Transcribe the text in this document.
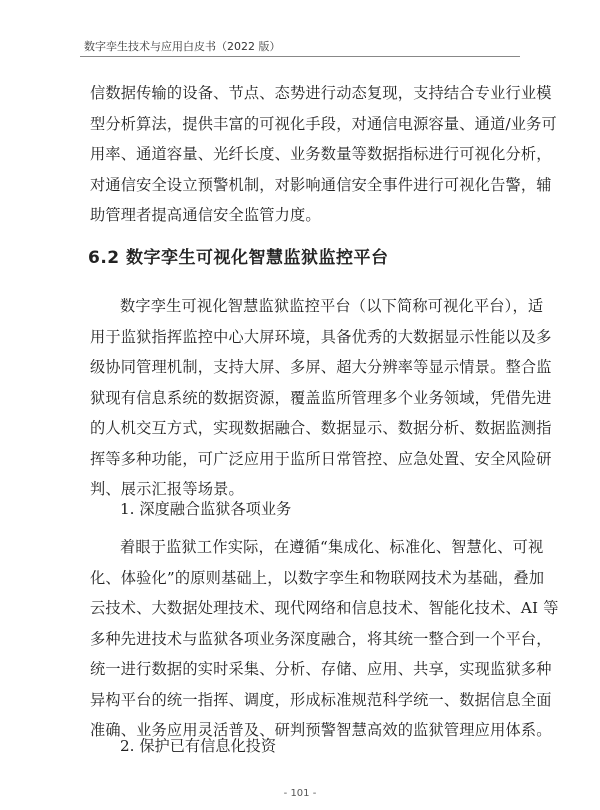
数字孪生技术与应用白皮书（2022 版）
信数据传输的设备、节点、态势进行动态复现，支持结合专业行业模
型分析算法，提供丰富的可视化手段，对通信电源容量、通道/业务可
用率、通道容量、光纤长度、业务数量等数据指标进行可视化分析，
对通信安全设立预警机制，对影响通信安全事件进行可视化告警，辅
助管理者提高通信安全监管力度。
6.2 数字孪生可视化智慧监狱监控平台
数字孪生可视化智慧监狱监控平台（以下简称可视化平台），适
用于监狱指挥监控中心大屏环境，具备优秀的大数据显示性能以及多
级协同管理机制，支持大屏、多屏、超大分辨率等显示情景。整合监
狱现有信息系统的数据资源，覆盖监所管理多个业务领域，凭借先进
的人机交互方式，实现数据融合、数据显示、数据分析、数据监测指
挥等多种功能，可广泛应用于监所日常管控、应急处置、安全风险研
判、展示汇报等场景。
1. 深度融合监狱各项业务
着眼于监狱工作实际，在遵循“集成化、标准化、智慧化、可视
化、体验化”的原则基础上，以数字孪生和物联网技术为基础，叠加
云技术、大数据处理技术、现代网络和信息技术、智能化技术、AI 等
多种先进技术与监狱各项业务深度融合，将其统一整合到一个平台，
统一进行数据的实时采集、分析、存储、应用、共享，实现监狱多种
异构平台的统一指挥、调度，形成标准规范科学统一、数据信息全面
准确、业务应用灵活普及、研判预警智慧高效的监狱管理应用体系。
2. 保护已有信息化投资
- 101 -
